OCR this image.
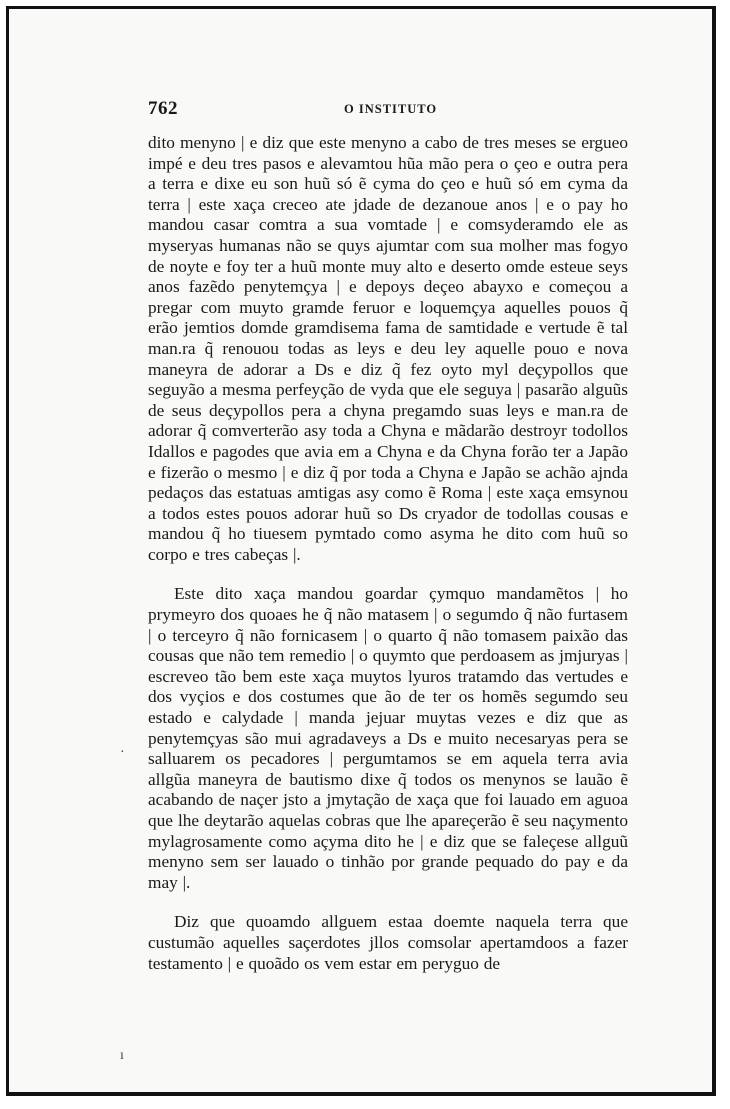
762	O INSTITUTO

dito menyno | e diz que este menyno a cabo de tres meses se ergueo impé e deu tres pasos e alevamtou hũa mão pera o çeo e outra pera a terra e dixe eu son huũ só ẽ cyma do çeo e huũ só em cyma da terra | este xaça creceo ate jdade de dezanoue anos | e o pay ho mandou casar comtra a sua vomtade | e comsyderamdo ele as myseryas humanas não se quys ajumtar com sua molher mas fogyo de noyte e foy ter a huũ monte muy alto e deserto omde esteue seys anos fazẽdo penytemçya | e depoys deçeo abayxo e começou a pregar com muyto gramde feruor e loquemçya aquelles pouos q̃ erão jemtios domde gramdisema fama de samtidade e vertude ẽ tal man.ra q̃ renouou todas as leys e deu ley aquelle pouo e nova maneyra de adorar a Ds e diz q̃ fez oyto myl deçypollos que seguyão a mesma perfeyção de vyda que ele seguya | pasarão alguũs de seus deçypollos pera a chyna pregamdo suas leys e man.ra de adorar q̃ comverterão asy toda a Chyna e mãdarão destroyr todollos Idallos e pagodes que avia em a Chyna e da Chyna forão ter a Japão e fizerão o mesmo | e diz q̃ por toda a Chyna e Japão se achão ajnda pedaços das estatuas amtigas asy como ẽ Roma | este xaça emsynou a todos estes pouos adorar huũ so Ds cryador de todollas cousas e mandou q̃ ho tiuesem pymtado como asyma he dito com huũ so corpo e tres cabeças |.

Este dito xaça mandou goardar çymquo mandamẽtos | ho prymeyro dos quoaes he q̃ não matasem | o segumdo q̃ não furtasem | o terceyro q̃ não fornicasem | o quarto q̃ não tomasem paixão das cousas que não tem remedio | o quymto que perdoasem as jmjuryas | escreveo tão bem este xaça muytos lyuros tratamdo das vertudes e dos vyçios e dos costumes que ão de ter os homẽs segumdo seu estado e calydade | manda jejuar muytas vezes e diz que as penytemçyas são mui agradaveys a Ds e muito necesaryas pera se salluarem os pecadores | pergumtamos se em aquela terra avia allgũa maneyra de bautismo dixe q̃ todos os menynos se lauão ẽ acabando de naçer jsto a jmytação de xaça que foi lauado em aguoa que lhe deytarão aquelas cobras que lhe apareçerão ẽ seu naçymento mylagrosamente como açyma dito he | e diz que se faleçese allguũ menyno sem ser lauado o tinhão por grande pequado do pay e da may |.

Diz que quoamdo allguem estaa doemte naquela terra que custumão aquelles saçerdotes jllos comsolar apertamdoos a fazer testamento | e quoãdo os vem estar em peryguo de

·
ı
